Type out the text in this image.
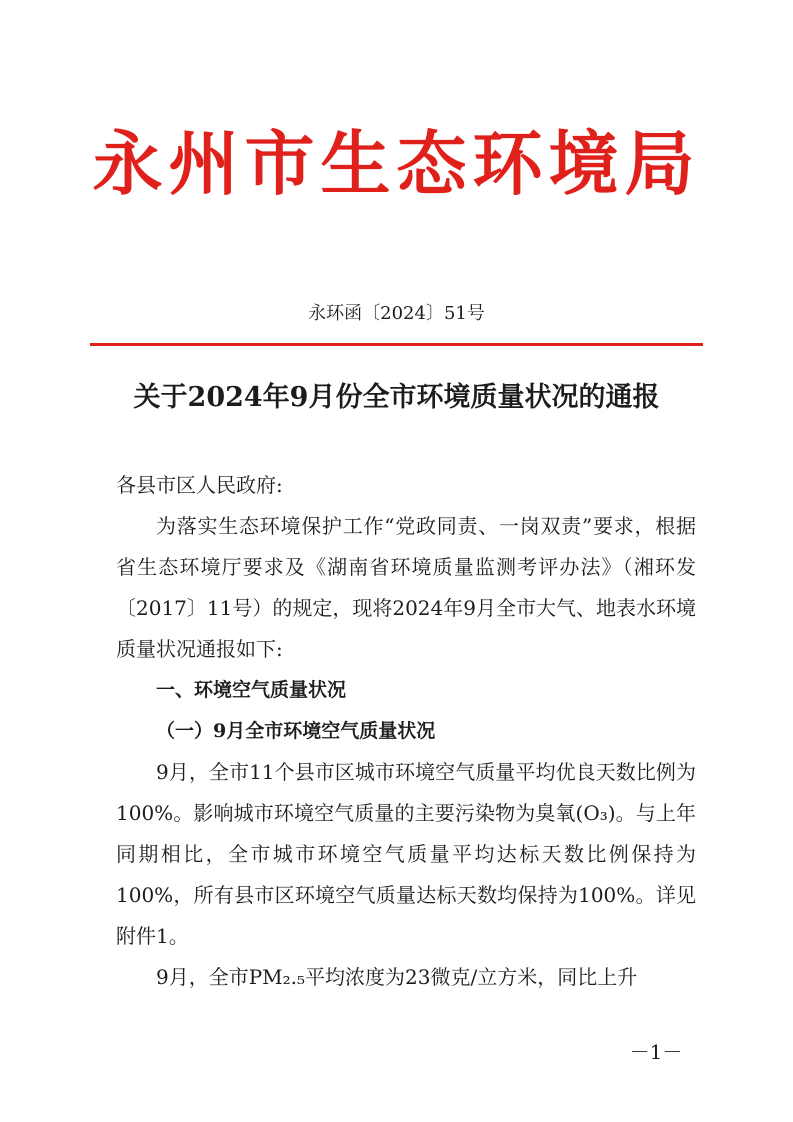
永州市生态环境局
永环函〔2024〕51号
关于2024年9月份全市环境质量状况的通报

各县市区人民政府:

为落实生态环境保护工作“党政同责、一岗双责”要求，根据省生态环境厅要求及《湖南省环境质量监测考评办法》（湘环发〔2017〕11号）的规定，现将2024年9月全市大气、地表水环境质量状况通报如下:

一、环境空气质量状况

（一）9月全市环境空气质量状况

9月，全市11个县市区城市环境空气质量平均优良天数比例为100%。影响城市环境空气质量的主要污染物为臭氧(O₃)。与上年同期相比，全市城市环境空气质量平均达标天数比例保持为100%，所有县市区环境空气质量达标天数均保持为100%。详见附件1。

9月，全市PM₂.₅平均浓度为23微克/立方米，同比上升

－1－
